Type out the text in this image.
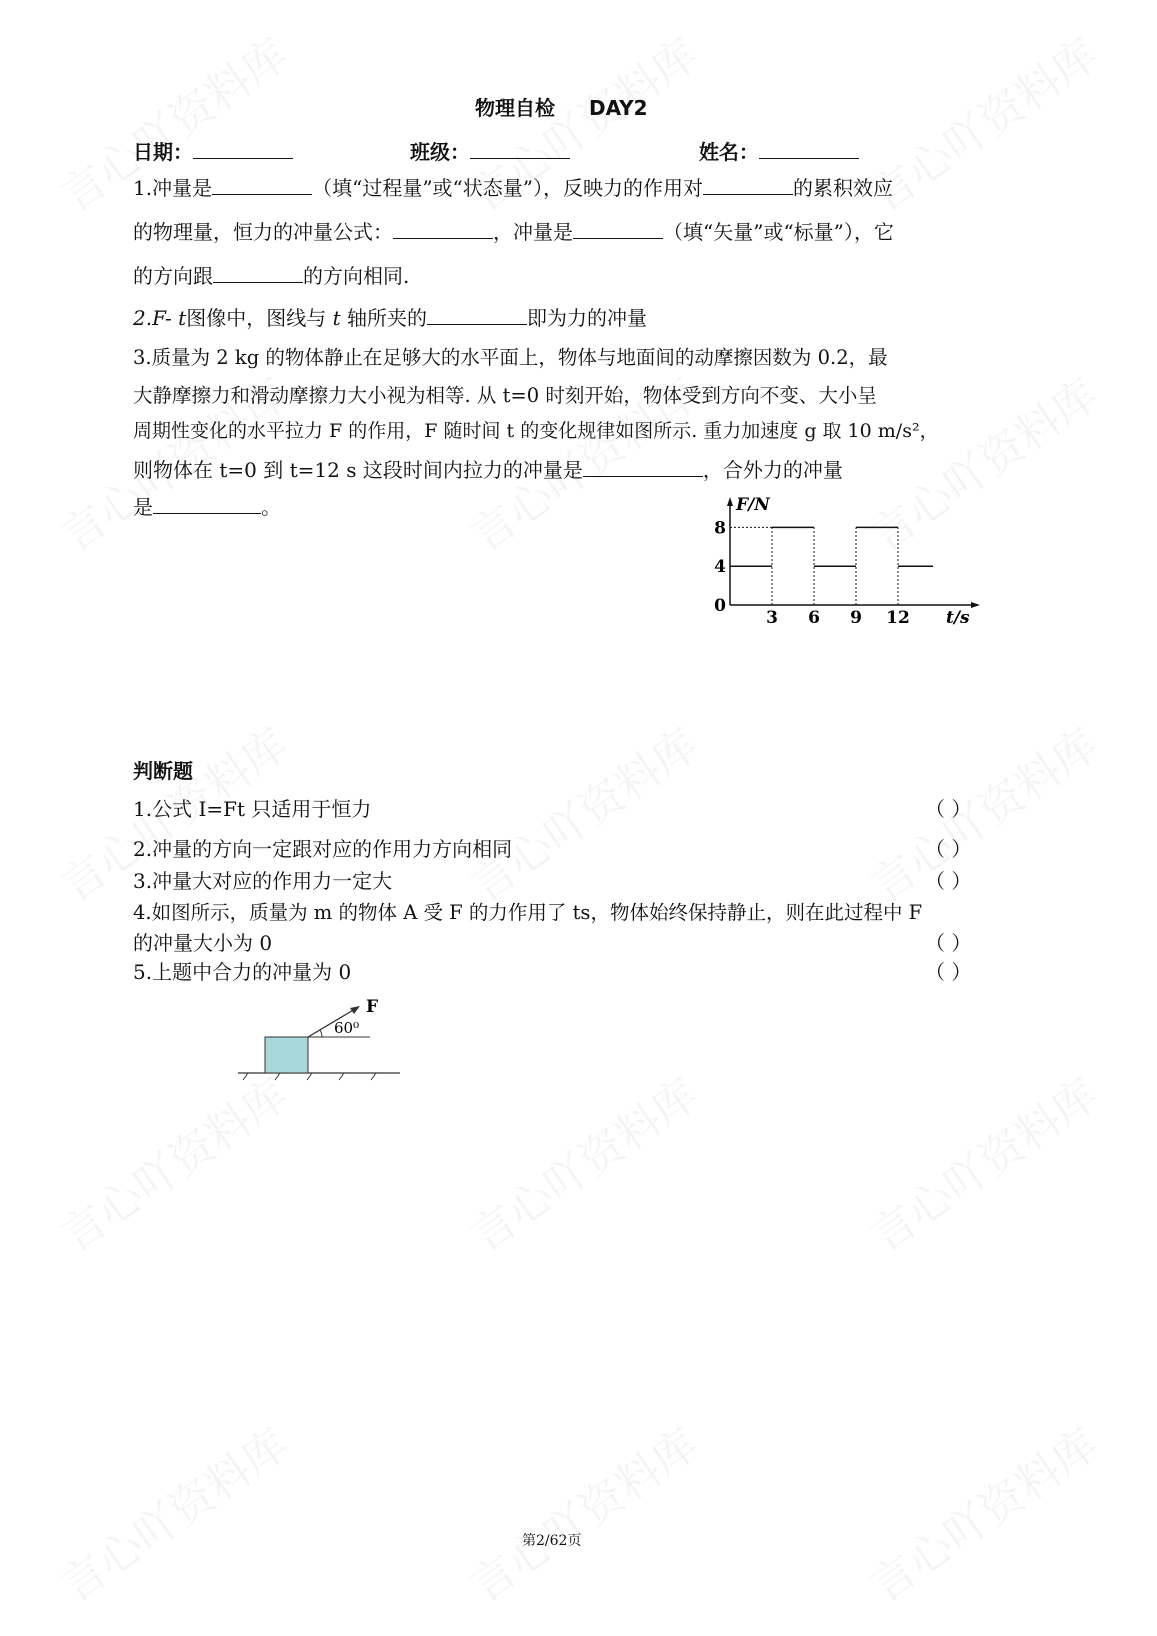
物理自检 DAY2
日期：	班级：	姓名：
1.冲量是	（填“过程量”或“状态量”），反映力的作用对	的累积效应
的物理量，恒力的冲量公式：	，冲量是	（填“矢量”或“标量”），它
的方向跟	的方向相同.
2.F- t图像中，图线与 t 轴所夹的	即为力的冲量
3.质量为 2 kg 的物体静止在足够大的水平面上，物体与地面间的动摩擦因数为 0.2，最
大静摩擦力和滑动摩擦力大小视为相等. 从 t=0 时刻开始，物体受到方向不变、大小呈
周期性变化的水平拉力 F 的作用，F 随时间 t 的变化规律如图所示. 重力加速度 g 取 10 m/s²，
则物体在 t=0 到 t=12 s 这段时间内拉力的冲量是	，合外力的冲量
是	。	F/N
t/s
0
4
8
3 6 9 12
判断题
1.公式 I=Ft 只适用于恒力	（ ）
2.冲量的方向一定跟对应的作用力方向相同	（ ）
3.冲量大对应的作用力一定大	（ ）
4.如图所示，质量为 m 的物体 A 受 F 的力作用了 ts，物体始终保持静止，则在此过程中 F
的冲量大小为 0	（ ）
5.上题中合力的冲量为 0	（ ）
F
60⁰
第2/62页
